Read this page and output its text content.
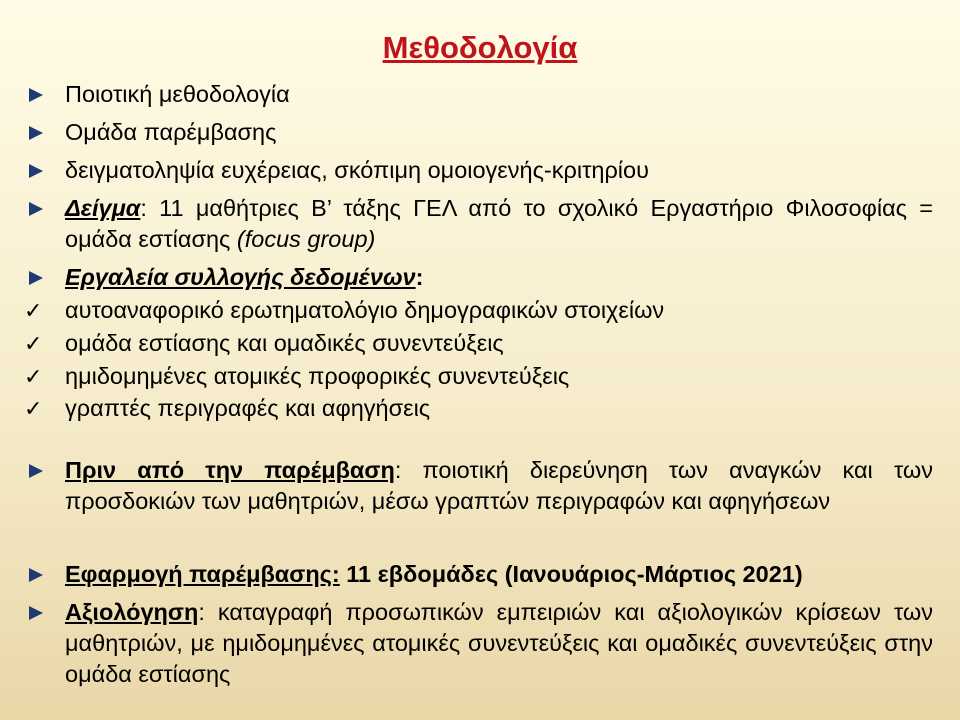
Μεθοδολογία
Ποιοτική μεθοδολογία
Ομάδα παρέμβασης
δειγματοληψία ευχέρειας, σκόπιμη ομοιογενής-κριτηρίου
Δείγμα: 11 μαθήτριες Β’ τάξης ΓΕΛ από το σχολικό Εργαστήριο Φιλοσοφίας = ομάδα εστίασης (focus group)
Εργαλεία συλλογής δεδομένων:
✓ αυτοαναφορικό ερωτηματολόγιο δημογραφικών στοιχείων
✓ ομάδα εστίασης και ομαδικές συνεντεύξεις
✓ ημιδομημένες ατομικές προφορικές συνεντεύξεις
✓ γραπτές περιγραφές και αφηγήσεις
Πριν από την παρέμβαση: ποιοτική διερεύνηση των αναγκών και των προσδοκιών των μαθητριών, μέσω γραπτών περιγραφών και αφηγήσεων
Εφαρμογή παρέμβασης: 11 εβδομάδες (Ιανουάριος-Μάρτιος 2021)
Αξιολόγηση: καταγραφή προσωπικών εμπειριών και αξιολογικών κρίσεων των μαθητριών, με ημιδομημένες ατομικές συνεντεύξεις και ομαδικές συνεντεύξεις στην ομάδα εστίασης
